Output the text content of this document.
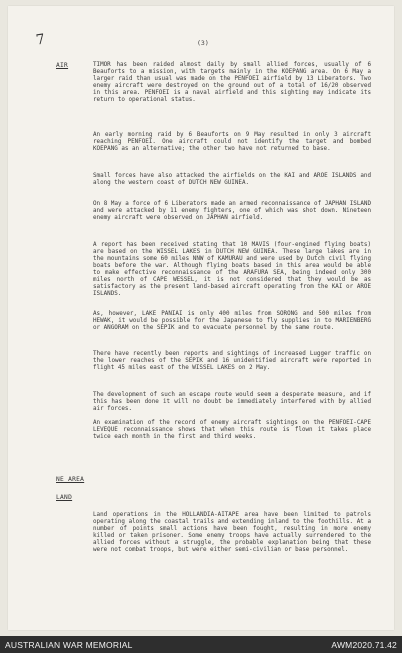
7	(3)
AIR	TIMOR has been raided almost daily by small allied forces, usually of 6 Beauforts to a mission, with targets mainly in the KOEPANG area. On 6 May a larger raid than usual was made on the PENFOEI airfield by 13 Liberators. Two enemy aircraft were destroyed on the ground out of a total of 16/20 observed in this area. PENFOEI is a naval airfield and this sighting may indicate its return to operational status.

An early morning raid by 6 Beauforts on 9 May resulted in only 3 aircraft reaching PENFOEI. One aircraft could not identify the target and bombed KOEPANG as an alternative; the other two have not returned to base.

Small forces have also attacked the airfields on the KAI and AROE ISLANDS and along the western coast of DUTCH NEW GUINEA.

On 8 May a force of 6 Liberators made an armed reconnaissance of JAPHAN ISLAND and were attacked by 11 enemy fighters, one of which was shot down. Nineteen enemy aircraft were observed on JAPHAN airfield.

A report has been received stating that 10 MAVIS (four-engined flying boats) are based on the WISSEL LAKES in DUTCH NEW GUINEA. These large lakes are in the mountains some 60 miles NNW of KAMURAU and were used by Dutch civil flying boats before the war. Although flying boats based in this area would be able to make effective reconnaissance of the ARAFURA SEA, being indeed only 300 miles north of CAPE WESSEL, it is not considered that they would be as satisfactory as the present land-based aircraft operating from the KAI or AROE ISLANDS.

As, however, LAKE PANIAI is only 400 miles from SORONG and 500 miles from HEWAK, it would be possible for the Japanese to fly supplies in to MARIENBERG or ANGORAM on the SEPIK and to evacuate personnel by the same route.

There have recently been reports and sightings of increased Lugger traffic on the lower reaches of the SEPIK and 16 unidentified aircraft were reported in flight 45 miles east of the WISSEL LAKES on 2 May.

The development of such an escape route would seem a desperate measure, and if this has been done it will no doubt be immediately interfered with by allied air forces.

An examination of the record of enemy aircraft sightings on the PENFOEI-CAPE LEVEQUE reconnaissance shows that when this route is flown it takes place twice each month in the first and third weeks.

NE AREA
LAND

Land operations in the HOLLANDIA-AITAPE area have been limited to patrols operating along the coastal trails and extending inland to the foothills. At a number of points small actions have been fought, resulting in more enemy killed or taken prisoner. Some enemy troops have actually surrendered to the allied forces without a struggle, the probable explanation being that these were not combat troops, but were either semi-civilian or base personnel.

AUSTRALIAN WAR MEMORIAL	AWM2020.71.42
